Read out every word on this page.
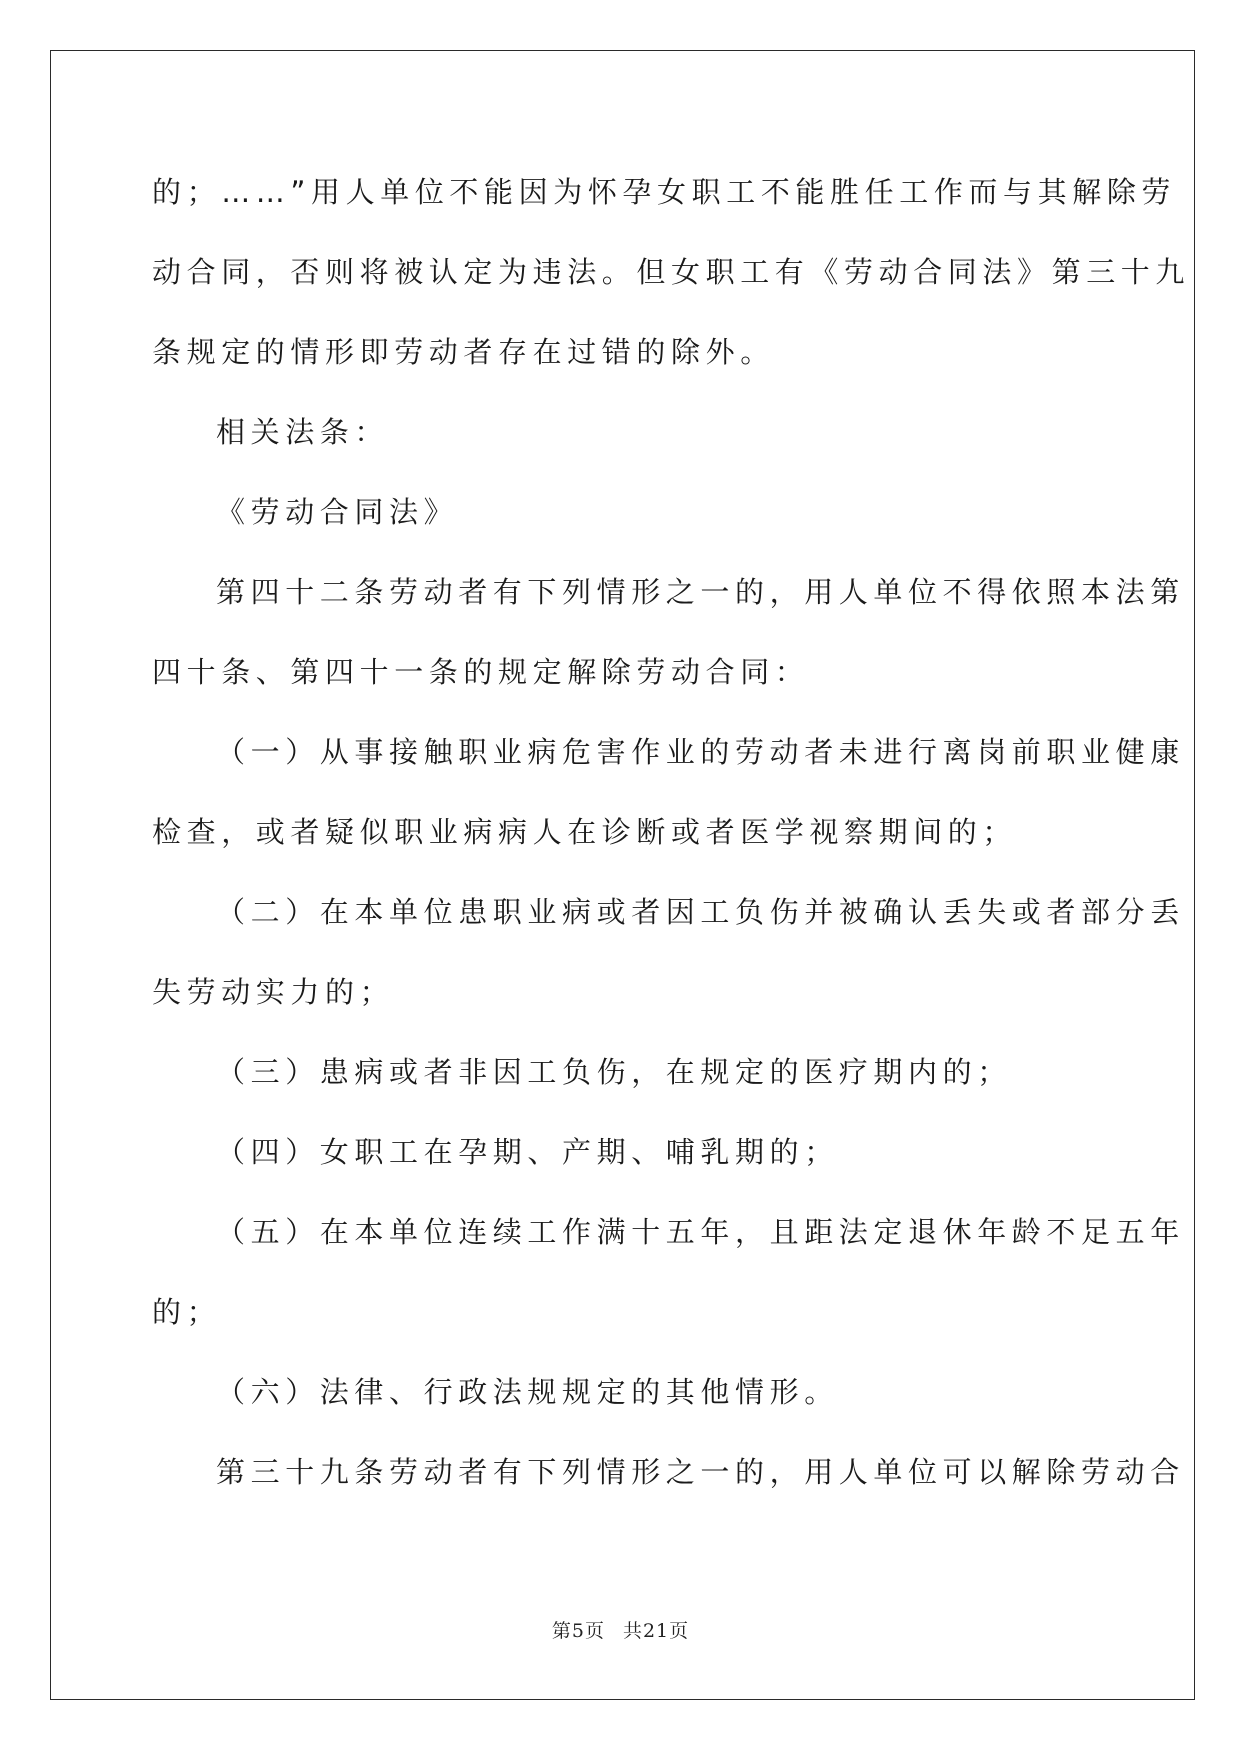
的；……”用人单位不能因为怀孕女职工不能胜任工作而与其解除劳

动合同，否则将被认定为违法。但女职工有《劳动合同法》第三十九

条规定的情形即劳动者存在过错的除外。

相关法条：

《劳动合同法》

第四十二条劳动者有下列情形之一的，用人单位不得依照本法第

四十条、第四十一条的规定解除劳动合同：

（一）从事接触职业病危害作业的劳动者未进行离岗前职业健康

检查，或者疑似职业病病人在诊断或者医学视察期间的；

（二）在本单位患职业病或者因工负伤并被确认丢失或者部分丢

失劳动实力的；

（三）患病或者非因工负伤，在规定的医疗期内的；

（四）女职工在孕期、产期、哺乳期的；

（五）在本单位连续工作满十五年，且距法定退休年龄不足五年

的；

（六）法律、行政法规规定的其他情形。

第三十九条劳动者有下列情形之一的，用人单位可以解除劳动合

第5页 共21页
